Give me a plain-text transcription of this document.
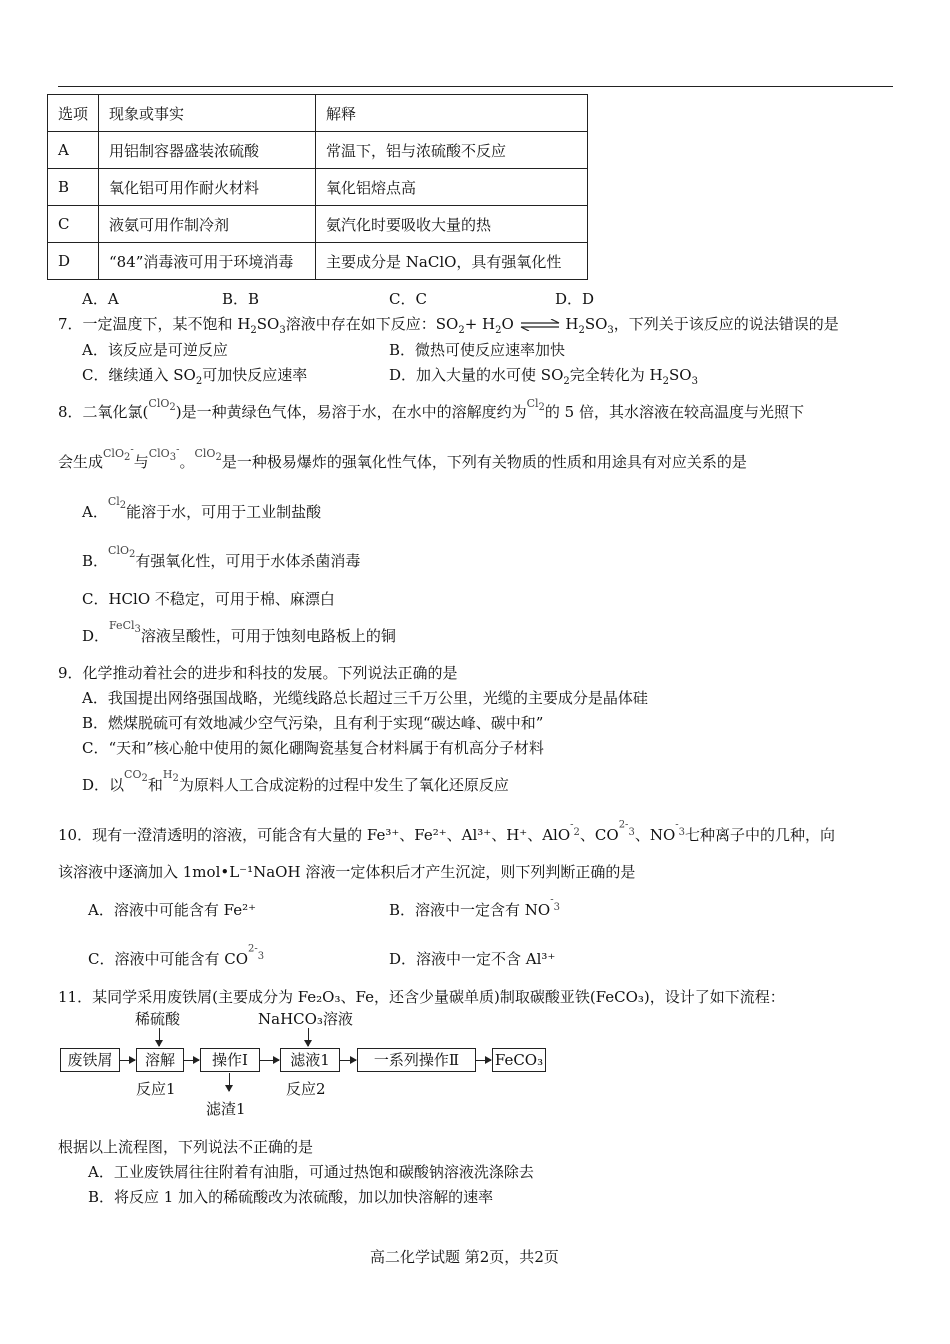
选项	现象或事实	解释
A	用铝制容器盛装浓硫酸	常温下，铝与浓硫酸不反应
B	氧化铝可用作耐火材料	氧化铝熔点高
C	液氨可用作制冷剂	氨汽化时要吸收大量的热
D	“84”消毒液可用于环境消毒	主要成分是 NaClO，具有强氧化性
A．A	B．B	C．C	D．D
7．一定温度下，某不饱和 $H_2SO_3$溶液中存在如下反应：$SO_2+ H_2O$ ⇌ $H_2SO_3$，下列关于该反应的说法错误的是
A．该反应是可逆反应	B．微热可使反应速率加快
C．继续通入 $SO_2$可加快反应速率	D．加入大量的水可使 $SO_2$完全转化为 $H_2SO_3$
8．二氧化氯($^{ClO_2}$)是一种黄绿色气体，易溶于水，在水中的溶解度约为$^{Cl_2}$的 5 倍，其水溶液在较高温度与光照下
会生成$^{ClO_2^-}$与$^{ClO_3^-}$。$^{ClO_2}$是一种极易爆炸的强氧化性气体，下列有关物质的性质和用途具有对应关系的是
A．$^{Cl_2}$能溶于水，可用于工业制盐酸
B．$^{ClO_2}$有强氧化性，可用于水体杀菌消毒
C．HClO 不稳定，可用于棉、麻漂白
D．$^{FeCl_3}$溶液呈酸性，可用于蚀刻电路板上的铜
9．化学推动着社会的进步和科技的发展。下列说法正确的是
A．我国提出网络强国战略，光缆线路总长超过三千万公里，光缆的主要成分是晶体硅
B．燃煤脱硫可有效地减少空气污染，且有利于实现“碳达峰、碳中和”
C．“天和”核心舱中使用的氮化硼陶瓷基复合材料属于有机高分子材料
D．以$^{CO_2}$和$^{H_2}$为原料人工合成淀粉的过程中发生了氧化还原反应
10．现有一澄清透明的溶液，可能含有大量的 Fe³⁺、Fe²⁺、Al³⁺、H⁺、AlO$^{^-_2}$、CO$^{^{2-}_3}$、$NO^{^-_3}$七种离子中的几种，向
该溶液中逐滴加入 1mol•L⁻¹NaOH 溶液一定体积后才产生沉淀，则下列判断正确的是
A．溶液中可能含有 Fe²⁺	B．溶液中一定含有 $NO^{^-_3}$
C．溶液中可能含有 CO$^{^{2-}_3}$	D．溶液中一定不含 Al³⁺
11．某同学采用废铁屑(主要成分为 Fe₂O₃、Fe，还含少量碳单质)制取碳酸亚铁(FeCO₃)，设计了如下流程：
稀硫酸	NaHCO₃溶液
废铁屑	溶解	操作Ⅰ	滤液1	一系列操作Ⅱ	FeCO₃
反应1	反应2
滤渣1
根据以上流程图，下列说法不正确的是
A．工业废铁屑往往附着有油脂，可通过热饱和碳酸钠溶液洗涤除去
B．将反应 1 加入的稀硫酸改为浓硫酸，加以加快溶解的速率
高二化学试题 第2页，共2页
